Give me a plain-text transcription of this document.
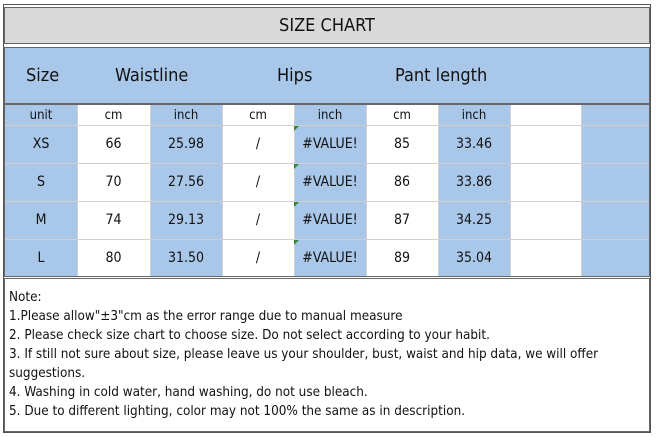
SIZE CHART
Size	Waistline	Hips	Pant length
unit	cm	inch	cm	inch	cm	inch
XS	66	25.98	/	#VALUE!	85	33.46
S	70	27.56	/	#VALUE!	86	33.86
M	74	29.13	/	#VALUE!	87	34.25
L	80	31.50	/	#VALUE!	89	35.04
Note:
1.Please allow"±3"cm as the error range due to manual measure
2. Please check size chart to choose size. Do not select according to your habit.
3. If still not sure about size, please leave us your shoulder, bust, waist and hip data, we will offer suggestions.
4. Washing in cold water, hand washing, do not use bleach.
5. Due to different lighting, color may not 100% the same as in description.
